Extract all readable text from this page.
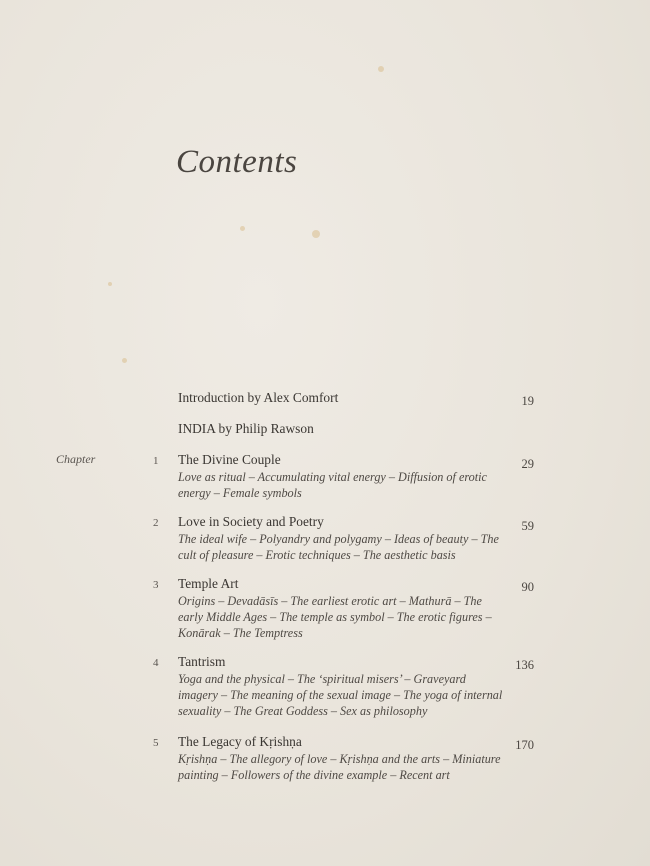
Contents
Introduction by Alex Comfort	19
INDIA by Philip Rawson
Chapter	1 The Divine Couple	29
Love as ritual – Accumulating vital energy – Diffusion of erotic
energy – Female symbols
2 Love in Society and Poetry	59
The ideal wife – Polyandry and polygamy – Ideas of beauty – The
cult of pleasure – Erotic techniques – The aesthetic basis
3 Temple Art	90
Origins – Devadāsīs – The earliest erotic art – Mathurā – The
early Middle Ages – The temple as symbol – The erotic figures –
Konārak – The Temptress
4 Tantrism	136
Yoga and the physical – The ‘spiritual misers’ – Graveyard
imagery – The meaning of the sexual image – The yoga of internal
sexuality – The Great Goddess – Sex as philosophy
5 The Legacy of Kṛishṇa	170
Kṛishṇa – The allegory of love – Kṛishṇa and the arts – Miniature
painting – Followers of the divine example – Recent art
